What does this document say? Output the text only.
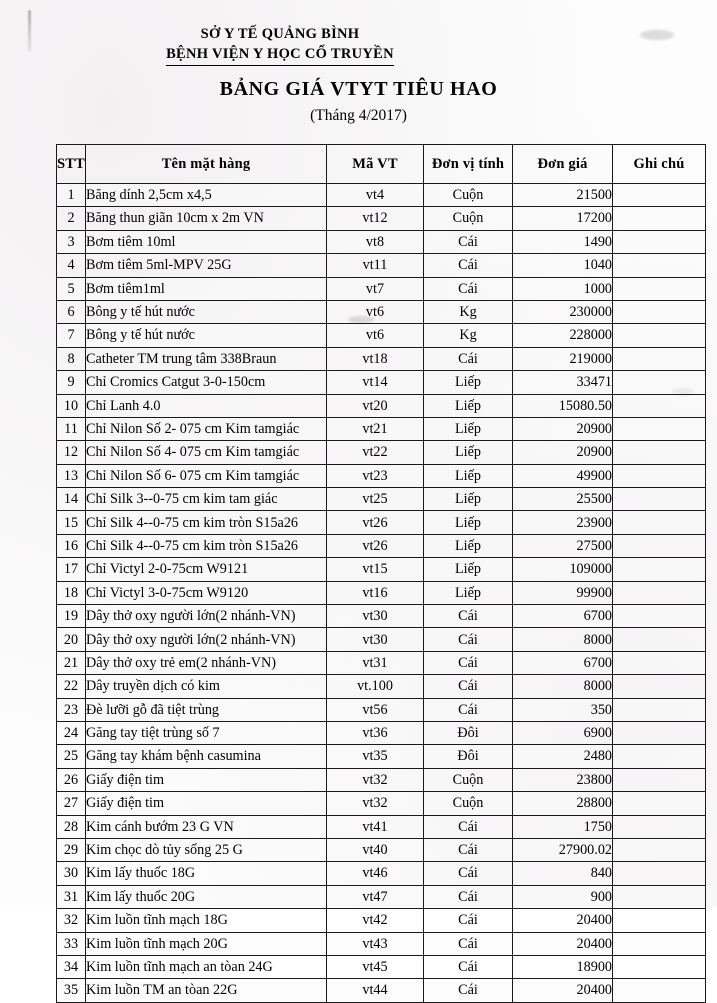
SỞ Y TẾ QUẢNG BÌNH
BỆNH VIỆN Y HỌC CỔ TRUYỀN
BẢNG GIÁ VTYT TIÊU HAO
(Tháng 4/2017)
STT	Tên mặt hàng	Mã VT	Đơn vị tính	Đơn giá	Ghi chú
1	Băng dính 2,5cm x4,5	vt4	Cuộn	21500	
2	Băng thun giãn 10cm x 2m VN	vt12	Cuộn	17200	
3	Bơm tiêm 10ml	vt8	Cái	1490	
4	Bơm tiêm 5ml-MPV 25G	vt11	Cái	1040	
5	Bơm tiêm1ml	vt7	Cái	1000	
6	Bông y tế hút nước	vt6	Kg	230000	
7	Bông y tế hút nước	vt6	Kg	228000	
8	Catheter TM trung tâm 338Braun	vt18	Cái	219000	
9	Chỉ Cromics Catgut 3-0-150cm	vt14	Liếp	33471	
10	Chỉ Lanh 4.0	vt20	Liếp	15080.50	
11	Chỉ Nilon Số 2- 075 cm Kim tamgiác	vt21	Liếp	20900	
12	Chỉ Nilon Số 4- 075 cm Kim tamgiác	vt22	Liếp	20900	
13	Chỉ Nilon Số 6- 075 cm Kim tamgiác	vt23	Liếp	49900	
14	Chỉ Silk 3--0-75 cm kim tam giác	vt25	Liếp	25500	
15	Chỉ Silk 4--0-75 cm kim tròn S15a26	vt26	Liếp	23900	
16	Chỉ Silk 4--0-75 cm kim tròn S15a26	vt26	Liếp	27500	
17	Chỉ Victyl 2-0-75cm W9121	vt15	Liếp	109000	
18	Chỉ Victyl 3-0-75cm W9120	vt16	Liếp	99900	
19	Dây thở oxy người lớn(2 nhánh-VN)	vt30	Cái	6700	
20	Dây thở oxy người lớn(2 nhánh-VN)	vt30	Cái	8000	
21	Dây thở oxy trẻ em(2 nhánh-VN)	vt31	Cái	6700	
22	Dây truyền dịch có kim	vt.100	Cái	8000	
23	Đè lưỡi gỗ đã tiệt trùng	vt56	Cái	350	
24	Găng tay tiệt trùng số 7	vt36	Đôi	6900	
25	Găng tay khám bệnh casumina	vt35	Đôi	2480	
26	Giấy điện tim	vt32	Cuộn	23800	
27	Giấy điện tim	vt32	Cuộn	28800	
28	Kim cánh bướm 23 G VN	vt41	Cái	1750	
29	Kim chọc dò tủy sống 25 G	vt40	Cái	27900.02	
30	Kim lấy thuốc 18G	vt46	Cái	840	
31	Kim lấy thuốc 20G	vt47	Cái	900	
32	Kim luồn tĩnh mạch 18G	vt42	Cái	20400	
33	Kim luồn tĩnh mạch 20G	vt43	Cái	20400	
34	Kim luồn tĩnh mạch an tòan 24G	vt45	Cái	18900	
35	Kim luồn TM an tòan 22G	vt44	Cái	20400	
